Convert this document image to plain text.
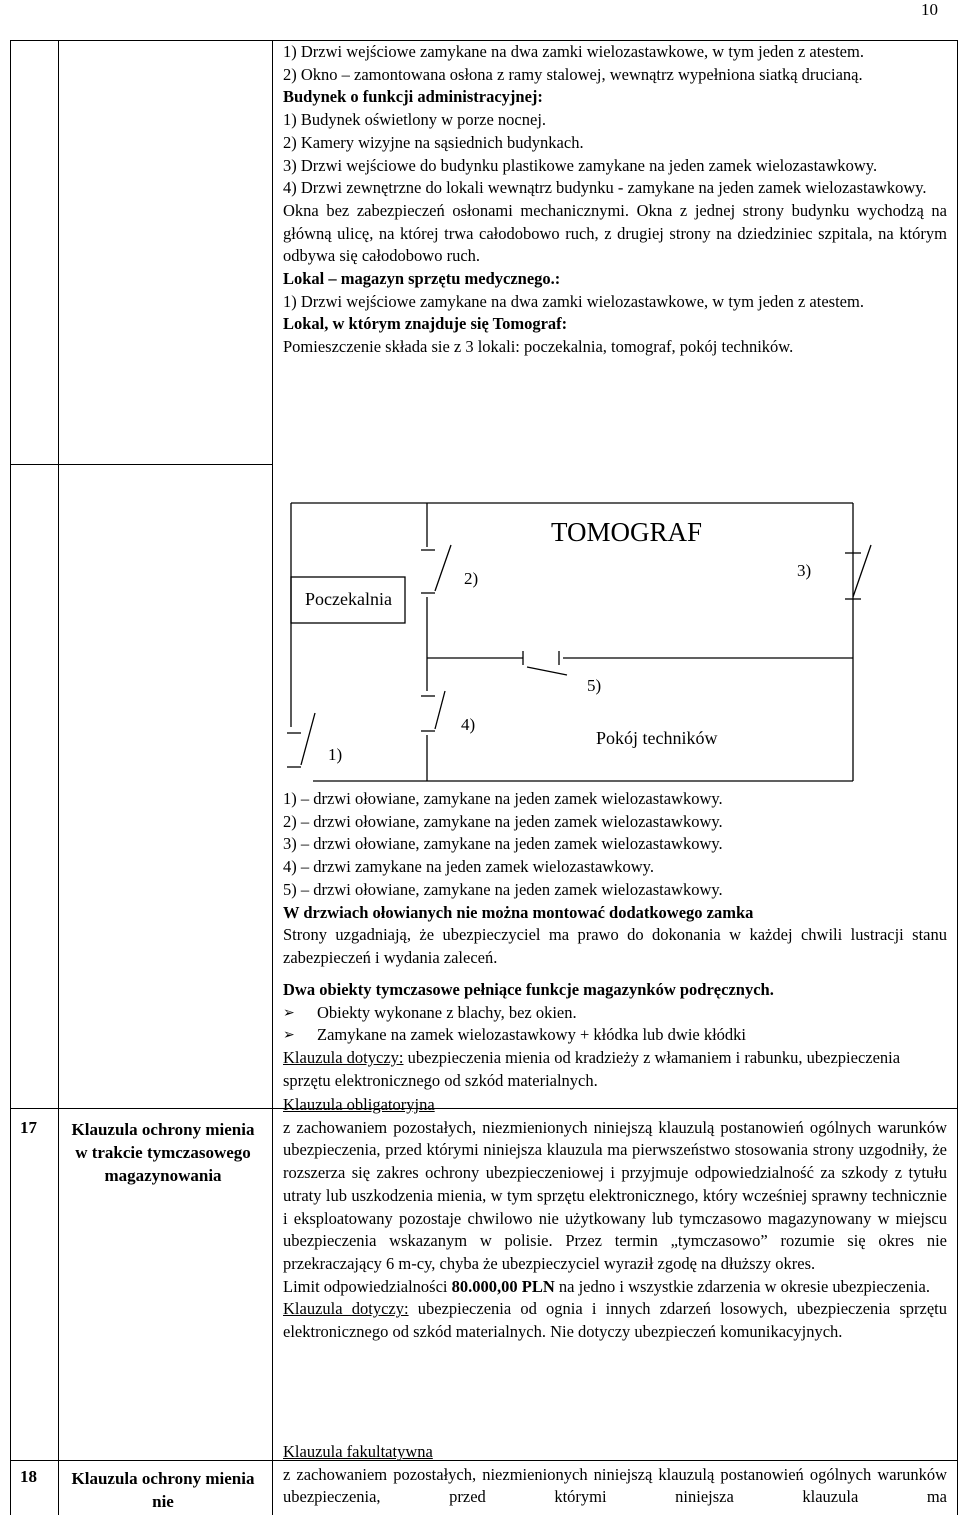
10

1) Drzwi wejściowe zamykane na dwa zamki wielozastawkowe, w tym jeden z atestem.

2) Okno – zamontowana osłona z ramy stalowej, wewnątrz wypełniona siatką drucianą.

Budynek o funkcji administracyjnej:

1) Budynek oświetlony w porze nocnej.

2) Kamery wizyjne na sąsiednich budynkach.

3) Drzwi wejściowe do budynku plastikowe zamykane na jeden zamek wielozastawkowy.

4) Drzwi zewnętrzne do lokali wewnątrz budynku - zamykane na jeden zamek wielozastawkowy.

Okna bez zabezpieczeń osłonami mechanicznymi. Okna z jednej strony budynku wychodzą na główną ulicę, na której trwa całodobowo ruch, z drugiej strony na dziedziniec szpitala, na którym odbywa się całodobowo ruch.

Lokal – magazyn sprzętu medycznego.:

1) Drzwi wejściowe zamykane na dwa zamki wielozastawkowe, w tym jeden z atestem.

Lokal, w którym znajduje się Tomograf:

Pomieszczenie składa sie z 3 lokali: poczekalnia, tomograf, pokój techników.

TOMOGRAF
Poczekalnia
Pokój techników
1)
2)	3)
4)
5)

1) – drzwi ołowiane, zamykane na jeden zamek wielozastawkowy.

2) – drzwi ołowiane, zamykane na jeden zamek wielozastawkowy.

3) – drzwi ołowiane, zamykane na jeden zamek wielozastawkowy.

4) – drzwi zamykane na jeden zamek wielozastawkowy.

5) – drzwi ołowiane, zamykane na jeden zamek wielozastawkowy.

W drzwiach ołowianych nie można montować dodatkowego zamka

Strony uzgadniają, że ubezpieczyciel ma prawo do dokonania w każdej chwili lustracji stanu zabezpieczeń i wydania zaleceń.

Dwa obiekty tymczasowe pełniące funkcje magazynków podręcznych.

➢ Obiekty wykonane z blachy, bez okien.
➢ Zamykane na zamek wielozastawkowy + kłódka lub dwie kłódki

Klauzula dotyczy: ubezpieczenia mienia od kradzieży z włamaniem i rabunku, ubezpieczenia sprzętu elektronicznego od szkód materialnych.

17 Klauzula ochrony mienia w trakcie tymczasowego magazynowania

Klauzula obligatoryjna

z zachowaniem pozostałych, niezmienionych niniejszą klauzulą postanowień ogólnych warunków ubezpieczenia, przed którymi niniejsza klauzula ma pierwszeństwo stosowania strony uzgodniły, że rozszerza się zakres ochrony ubezpieczeniowej i przyjmuje odpowiedzialność za szkody z tytułu utraty lub uszkodzenia mienia, w tym sprzętu elektronicznego, który wcześniej sprawny technicznie i eksploatowany pozostaje chwilowo nie użytkowany lub tymczasowo magazynowany w miejscu ubezpieczenia wskazanym w polisie. Przez termin „tymczasowo” rozumie się okres nie przekraczający 6 m-cy, chyba że ubezpieczyciel wyraził zgodę na dłuższy okres.

Limit odpowiedzialności 80.000,00 PLN na jedno i wszystkie zdarzenia w okresie ubezpieczenia.

Klauzula dotyczy: ubezpieczenia od ognia i innych zdarzeń losowych, ubezpieczenia sprzętu elektronicznego od szkód materialnych. Nie dotyczy ubezpieczeń komunikacyjnych.

18 Klauzula ochrony mienia nie

Klauzula fakultatywna

z zachowaniem pozostałych, niezmienionych niniejszą klauzulą postanowień ogólnych warunków ubezpieczenia, przed którymi niniejsza klauzula ma
